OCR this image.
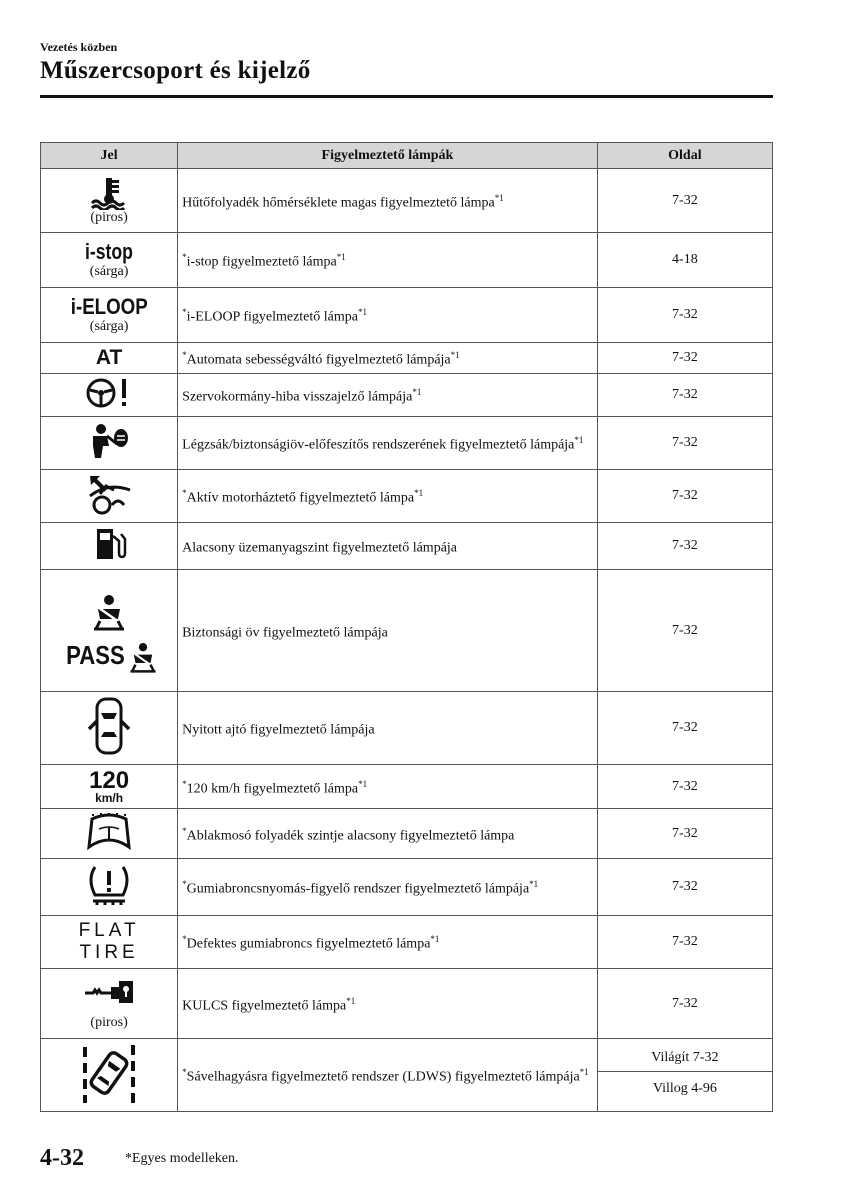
Vezetés közben
Műszercsoport és kijelző
Jel	Figyelmeztető lámpák	Oldal

(piros)	Hűtőfolyadék hőmérséklete magas figyelmeztető lámpa$^{*1}$	7-32

i-stop
(sárga)	*i-stop figyelmeztető lámpa$^{*1}$	4-18

i-ELOOP
(sárga)	*i-ELOOP figyelmeztető lámpa$^{*1}$	7-32

AT	*Automata sebességváltó figyelmeztető lámpája$^{*1}$	7-32
	Szervokormány-hiba visszajelző lámpája$^{*1}$	7-32
	Légzsák/biztonságiöv-előfeszítős rendszerének figyelmeztető lámpája$^{*1}$	7-32
	*Aktív motorháztető figyelmeztető lámpa$^{*1}$	7-32
	Alacsony üzemanyagszint figyelmeztető lámpája	7-32

PASS	Biztonsági öv figyelmeztető lámpája	7-32
	Nyitott ajtó figyelmeztető lámpája	7-32

120
km/h	*120 km/h figyelmeztető lámpa$^{*1}$	7-32
	*Ablakmosó folyadék szintje alacsony figyelmeztető lámpa	7-32
	*Gumiabroncsnyomás-figyelő rendszer figyelmeztető lámpája$^{*1}$	7-32

FLAT
TIRE	*Defektes gumiabroncs figyelmeztető lámpa$^{*1}$	7-32

(piros)	KULCS figyelmeztető lámpa$^{*1}$	7-32
	*Sávelhagyásra figyelmeztető rendszer (LDWS) figyelmeztető lámpája$^{*1}$	Világít 7-32
Villog 4-96
4-32	*Egyes modelleken.
